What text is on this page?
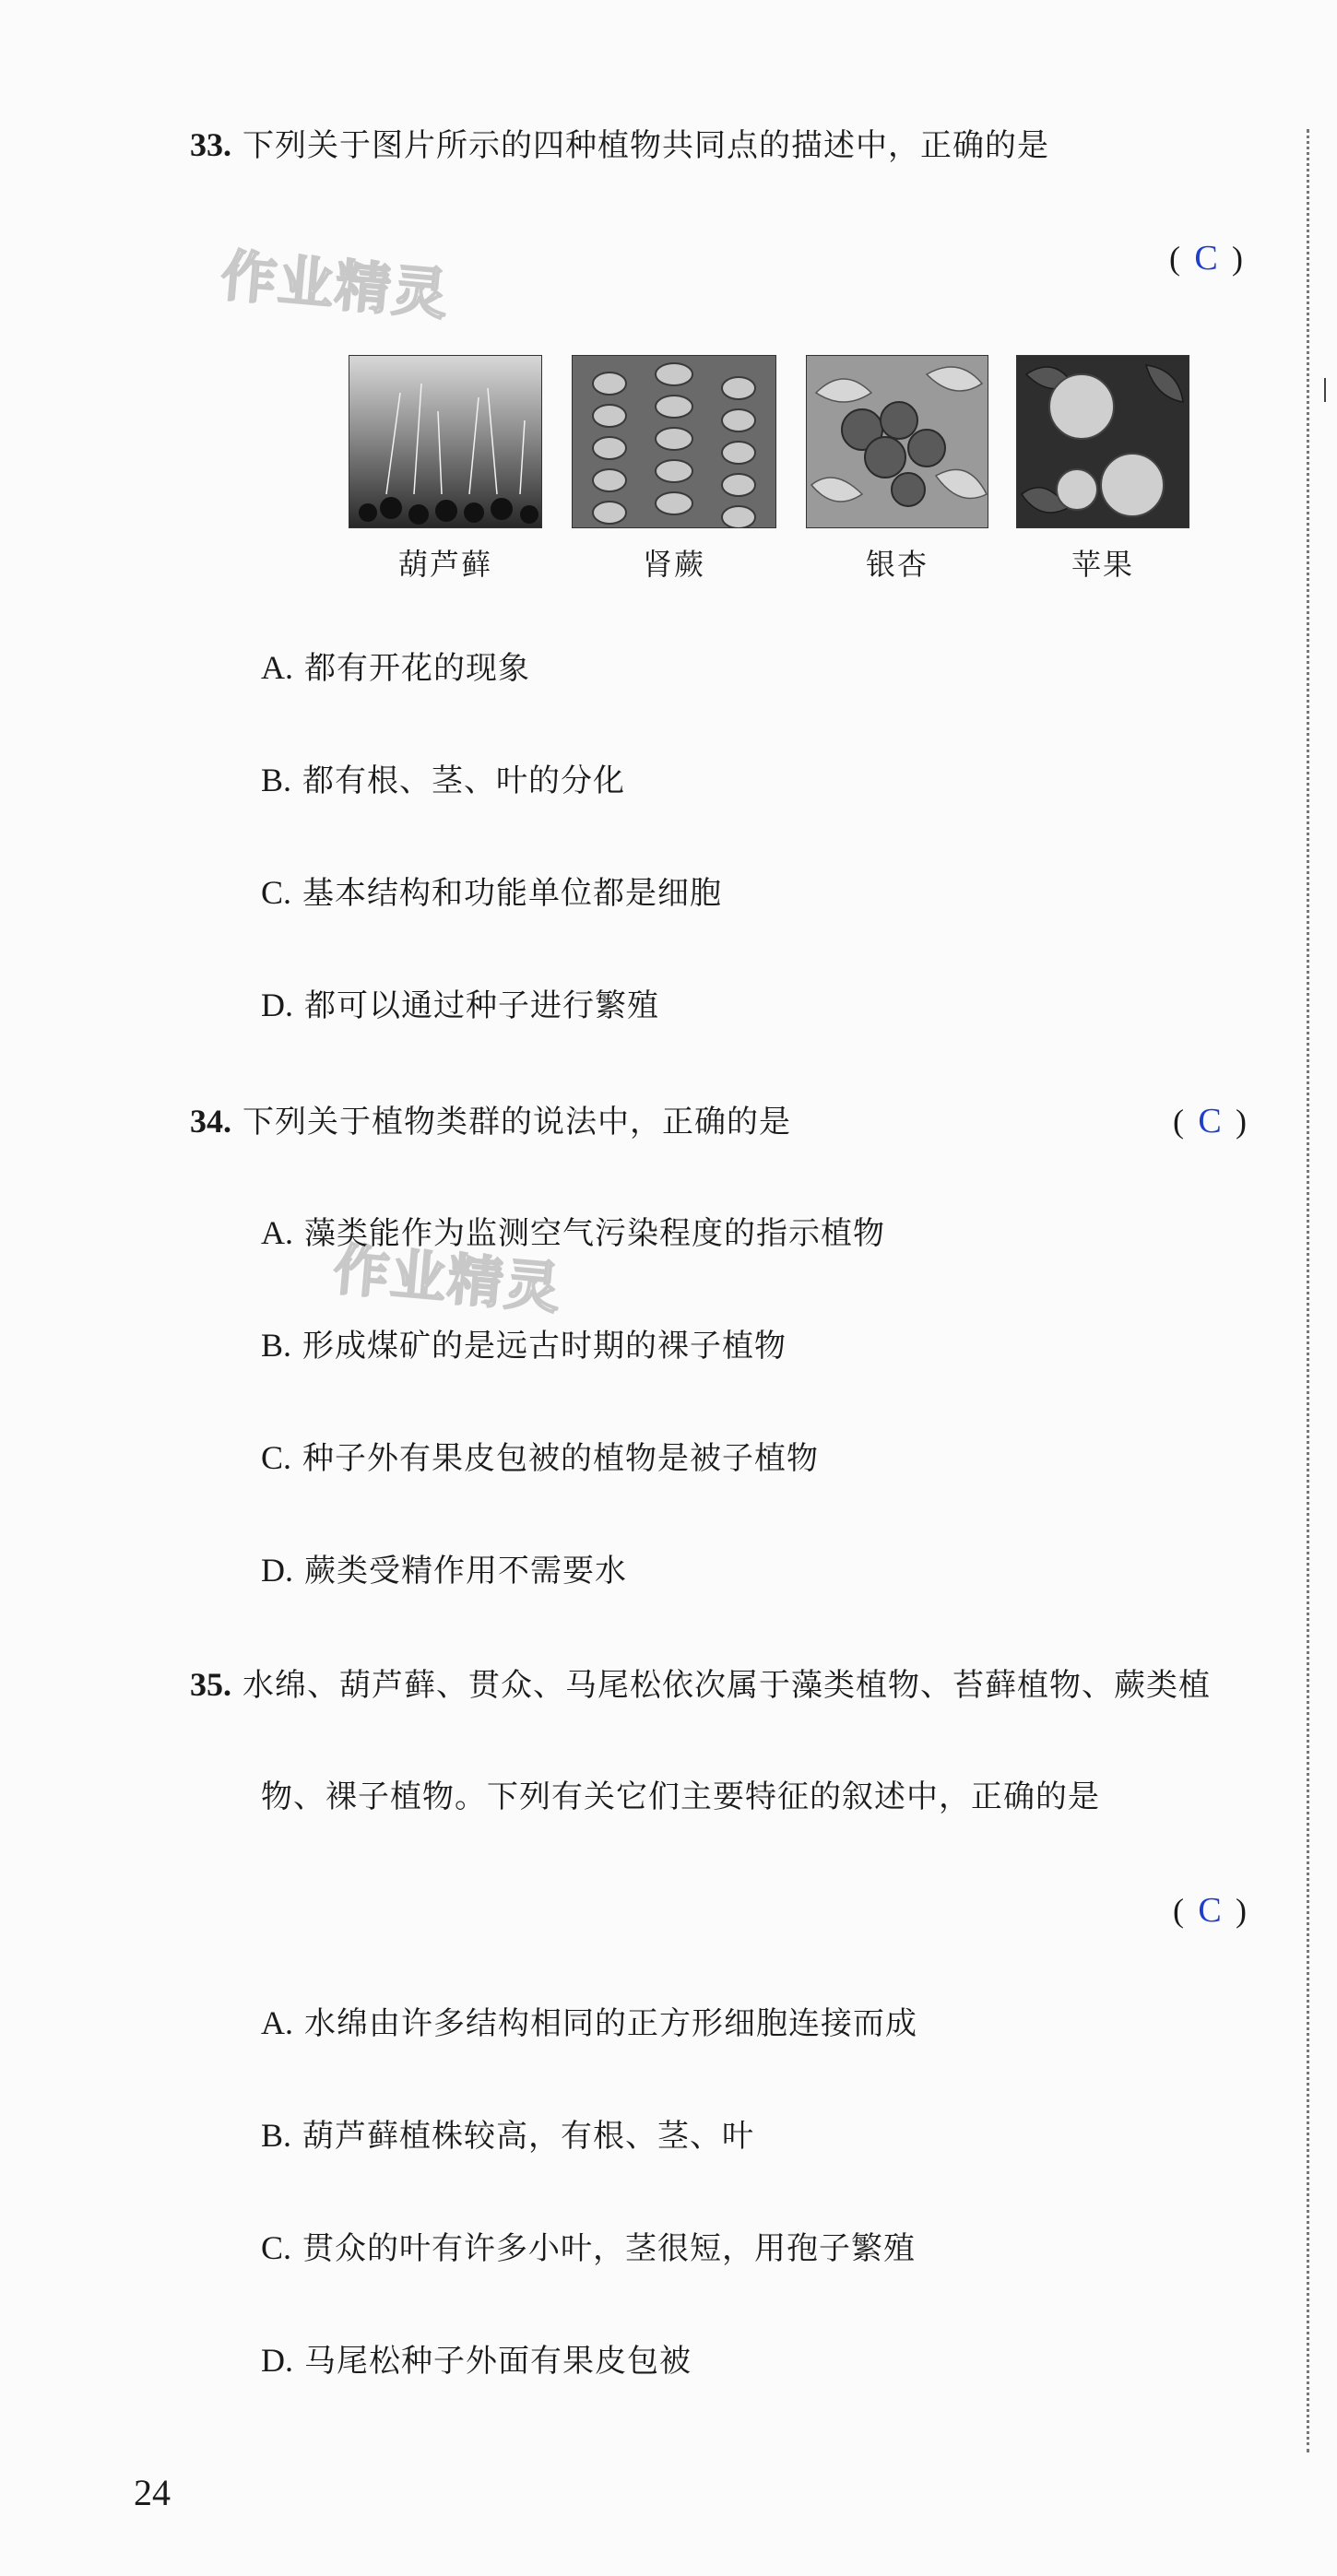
作业精灵
作业精灵
33. 下列关于图片所示的四种植物共同点的描述中，正确的是
( C )
葫芦藓	肾蕨	银杏	苹果
A. 都有开花的现象
B. 都有根、茎、叶的分化
C. 基本结构和功能单位都是细胞
D. 都可以通过种子进行繁殖
34. 下列关于植物类群的说法中，正确的是	( C )
A. 藻类能作为监测空气污染程度的指示植物
B. 形成煤矿的是远古时期的裸子植物
C. 种子外有果皮包被的植物是被子植物
D. 蕨类受精作用不需要水
35. 水绵、葫芦藓、贯众、马尾松依次属于藻类植物、苔藓植物、蕨类植
物、裸子植物。下列有关它们主要特征的叙述中，正确的是
( C )
A. 水绵由许多结构相同的正方形细胞连接而成
B. 葫芦藓植株较高，有根、茎、叶
C. 贯众的叶有许多小叶，茎很短，用孢子繁殖
D. 马尾松种子外面有果皮包被
24
